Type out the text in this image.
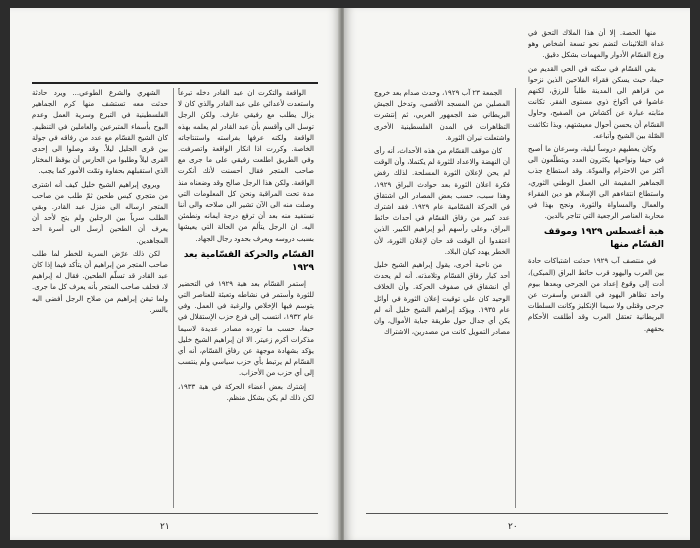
الواقعة والتكرت ان عبد القادر دخله تبرعاً واستعدت لأعدائي على عبد القادر والذي كان لا يزال يطلب مع رفيقي عارف. ولكن الرجل توسل الى وأقسم بأن عبد القادر لم يعلمه بهذه الواقعة ولكنه عرفها بفراسته واستنتاجاته الخاصة. وكررت اذا انكار الواقعة واتصرفت. وفي الطريق اطلعت رفيقي على ما جرى مع صاحب المتجر فقال أحسنت لأنك أنكرت الواقعة. ولكن هذا الرجل صالح وقد وضعناه منذ مدة تحت المراقبة ونحن كل المعلومات التي وصلت منه الى الآن تشير الى صلاحه والى أننا نستفيد منه بعد أن ترفع درجة ايمانه ونطمئن اليه. ان الرجل يتألم من الحالة التي يعيشها بسبب دروسه ويعرف بحدود رجال الجهاد.

القسّام والحركة القسّامية بعد ١٩٢٩

إستمر القسّام بعد هبة ١٩٢٩ في التحضير للثورة وأستمر في نشاطه وتعبئة للعناصر التي يتوسم فيها الإخلاص والرغبة في العمل. وفي عام ١٩٣٢، انتسب إلى فرع حزب الإستقلال في حيفا، حسب ما تورده مصادر عديدة لاسيما مذكرات أكرم زعيتر. الا ان إبراهيم الشيخ خليل يؤكد بشهادة موجهة عن رفاق القسّام، أنه أي القسّام لم يرتبط بأي حزب سياسي ولم ينتسب إلى أي حزب من الأحزاب.

إشترك بعض أعضاء الحركة في هبة ١٩٣٣، لكن ذلك لم يكن بشكل منظم.

الشهري والشرع الطوعي... ويرد حادثة حدثت معه تستشف منها كرم الجماهير الفلسطينية في التبرع وسرية العمل وعدم البوح بأسماء المتبرعين والعاملين في التنظيم. كان الشيخ القسّام مع عدد من رفاقه في جولة بين قرى الجليل ليلاً. وقد وصلوا الى إحدى القرى ليلاً وطلبوا من الحارس أن يوقظ المختار الذي استقبلهم بحفاوة وتمّت الأمور كما يجب.

ويروي إبراهيم الشيخ خليل كيف أنه اشترى من متجري كيس طحين ثمّ طلب من صاحب المتجر ارساله الى منزل عبد القادر. وبقي الطلب سرياً بين الرجلين ولم يتح لأحد أن يعرف أن الطحين أرسل الى أسرة أحد المجاهدين.

لكن ذلك عرّض السرية للخطر لما طلب صاحب المتجر من إبراهيم أن يتأكد فيما إذا كان عبد القادر قد تسلّم الطحين. فقال له إبراهيم لا، فحلف صاحب المتجر بأنه يعرف كل ما جرى. ولما تيقن إبراهيم من صلاح الرجل أفضى اليه بالسر.

٢١

منها الحصة. إلا أن هذا الملاك التحق في غداة الثلاثينات لتضم نحو تسعة أشخاص وهو وزع القسّام الأدوار والمهمات بشكل دقيق.

بقي القسّام في سكنه في الحي القديم من حيفا، حيث يسكن فقراء الفلاحين الذين نزحوا من قراهم الى المدينة طلباً للرزق، لكنهم عاشوا في أكواخ ذوي مستوى الفقر. تكانت مثابته عبارة عن أكشاش من الصفيح، وحاول القسّام أن يحسن أحوال معيشتهم، وبذا تكاثفت الصّلة بين الشيخ وأتباعه.

وكان يعطيهم دروساً ليلية، وسرعان ما أصبح في حيفا ونواحيها يكثرون العدد ويتطلّعون الى أكثر من الاحترام والمودّة. وقد استطاع جذب الجماهير المقيمة الى العمل الوطني الثوري، واستطاع انتقاءهم الى الإسلام هو دين الفقراء والعمال والمساواة والثورة، ونجح بهذا في محاربة العناصر الرجعية التي تتاجر بالدين.

هبة أغسطس ١٩٢٩ وموقف القسّام منها

في منتصف آب ١٩٢٩ حدثت اشتباكات حادة بين العرب واليهود قرب حائط البراق (المبكى)، أدت إلى وقوع إعداد من الجرحى وبعدها بيوم واحد تظاهر اليهود في القدس وأسفرت عن جرحى وقتلى ولا سيما الإنكليز وكانت السلطات البريطانية تعتقل العرب وقد أطلقت الأحكام بحقهم.

الجمعة ٢٣ آب ١٩٢٩، وحدث صدام بعد خروج المصلين من المسجد الأقصى، وتدخل الجيش البريطاني ضد الجمهور العربي، ثم إنتشرت التظاهرات في المدن الفلسطينية الأخرى واشتعلت نيران الثورة.

كان موقف القسّام من هذه الأحداث، أنه رأى أن النهضة والاعداد للثورة لم يكتملا، وأن الوقت لم يحن لإعلان الثورة المسلحة. لذلك رفض فكرة اعلان الثورة بعد حوادث البراق ١٩٢٩، وهذا سبب، حسب بعض المصادر الى اشتقاق في الحركة القسّامية عام ١٩٢٩. فقد اشترك عدد كبير من رفاق القسّام في أحداث حائط البراق، وعلى رأسهم أبو إبراهيم الكبير. الذين اعتقدوا أن الوقت قد حان لإعلان الثورة، لأن الخطر يهدد كيان البلاد.

من ناحية أخرى، يقول إبراهيم الشيخ خليل أحد كبار رفاق القسّام وتلامذته. أنه لم يحدث أي انشقاق في صفوف الحركة. وأن الخلاف الوحيد كان على توقيت إعلان الثورة في أوائل عام ١٩٣٥. ويؤكد إبراهيم الشيخ خليل أنه لم يكن أي جدال حول طريقة جباية الأموال، وان مصادر التمويل كانت من مصدرين، الاشتراك

٢٠
